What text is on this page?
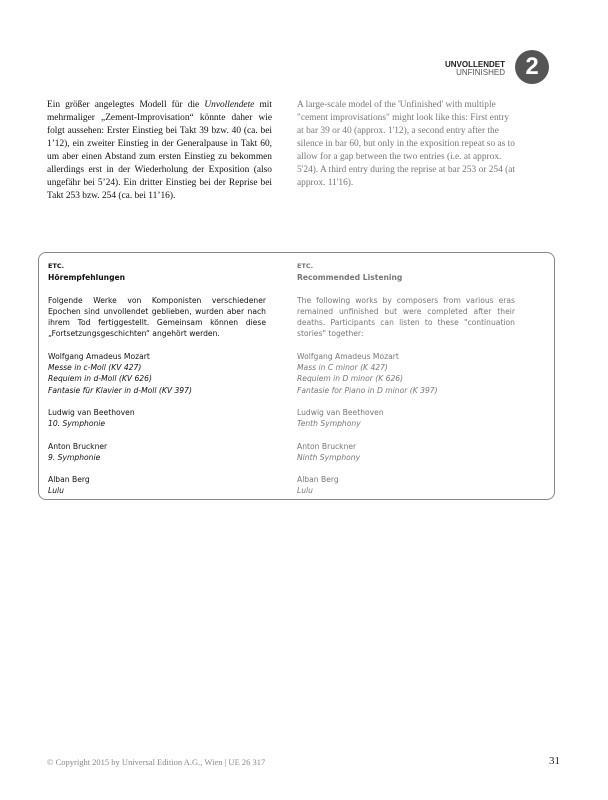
UNVOLLENDET
UNFINISHED 2
Ein größer angelegtes Modell für die Unvollendete mit mehrmaliger „Zement-Improvisation“ könnte daher wie folgt aussehen: Erster Einstieg bei Takt 39 bzw. 40 (ca. bei 1’12), ein zweiter Einstieg in der Generalpause in Takt 60, um aber einen Abstand zum ersten Einstieg zu bekommen allerdings erst in der Wiederholung der Exposition (also ungefähr bei 5’24). Ein dritter Einstieg bei der Reprise bei Takt 253 bzw. 254 (ca. bei 11’16).
A large-scale model of the 'Unfinished' with multiple "cement improvisations" might look like this: First entry at bar 39 or 40 (approx. 1'12), a second entry after the silence in bar 60, but only in the exposition repeat so as to allow for a gap between the two entries (i.e. at approx. 5'24). A third entry during the reprise at bar 253 or 254 (at approx. 11'16).
ETC.
Hörempfehlungen
Folgende Werke von Komponisten verschiedener Epochen sind unvollendet geblieben, wurden aber nach ihrem Tod fertiggestellt. Gemeinsam können diese „Fortsetzungsgeschichten“ angehört werden.
Wolfgang Amadeus Mozart
Messe in c-Moll (KV 427)
Requiem in d-Moll (KV 626)
Fantasie für Klavier in d-Moll (KV 397)
Ludwig van Beethoven
10. Symphonie
Anton Bruckner
9. Symphonie
Alban Berg
Lulu
ETC.
Recommended Listening
The following works by composers from various eras remained unfinished but were completed after their deaths. Participants can listen to these "continuation stories" together:
Wolfgang Amadeus Mozart
Mass in C minor (K 427)
Requiem in D minor (K 626)
Fantasie for Piano in D minor (K 397)
Ludwig van Beethoven
Tenth Symphony
Anton Bruckner
Ninth Symphony
Alban Berg
Lulu
© Copyright 2015 by Universal Edition A.G., Wien | UE 26 317	31
